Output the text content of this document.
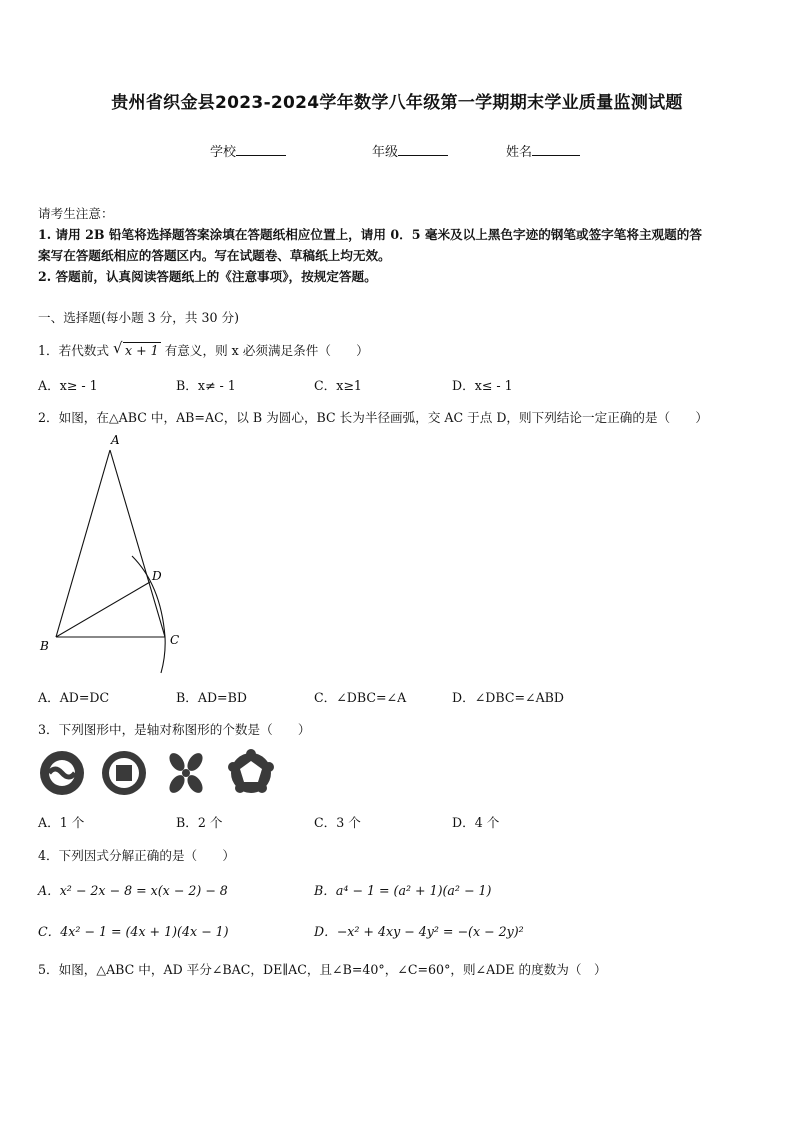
贵州省织金县2023-2024学年数学八年级第一学期期末学业质量监测试题
学校	年级	姓名
请考生注意：
1. 请用 2B 铅笔将选择题答案涂填在答题纸相应位置上，请用 0．5 毫米及以上黑色字迹的钢笔或签字笔将主观题的答
案写在答题纸相应的答题区内。写在试题卷、草稿纸上均无效。
2. 答题前，认真阅读答题纸上的《注意事项》，按规定答题。
一、选择题(每小题 3 分，共 30 分)
1．若代数式 √ x + 1 有意义，则 x 必须满足条件（　　）
A．x≥ - 1	B．x≠ - 1	C．x≥1	D．x≤ - 1
2．如图，在△ABC 中，AB=AC，以 B 为圆心，BC 长为半径画弧，交 AC 于点 D，则下列结论一定正确的是（　　）
A
B	C
D
A．AD=DC	B．AD=BD	C．∠DBC=∠A	D．∠DBC=∠ABD
3．下列图形中，是轴对称图形的个数是（　　）
A．1 个	B．2 个	C．3 个	D．4 个
4．下列因式分解正确的是（　　）
A．x² − 2x − 8 = x(x − 2) − 8	B．a⁴ − 1 = (a² + 1)(a² − 1)
C．4x² − 1 = (4x + 1)(4x − 1)	D．−x² + 4xy − 4y² = −(x − 2y)²
5．如图，△ABC 中，AD 平分∠BAC，DE∥AC，且∠B=40°，∠C=60°，则∠ADE 的度数为（　）
